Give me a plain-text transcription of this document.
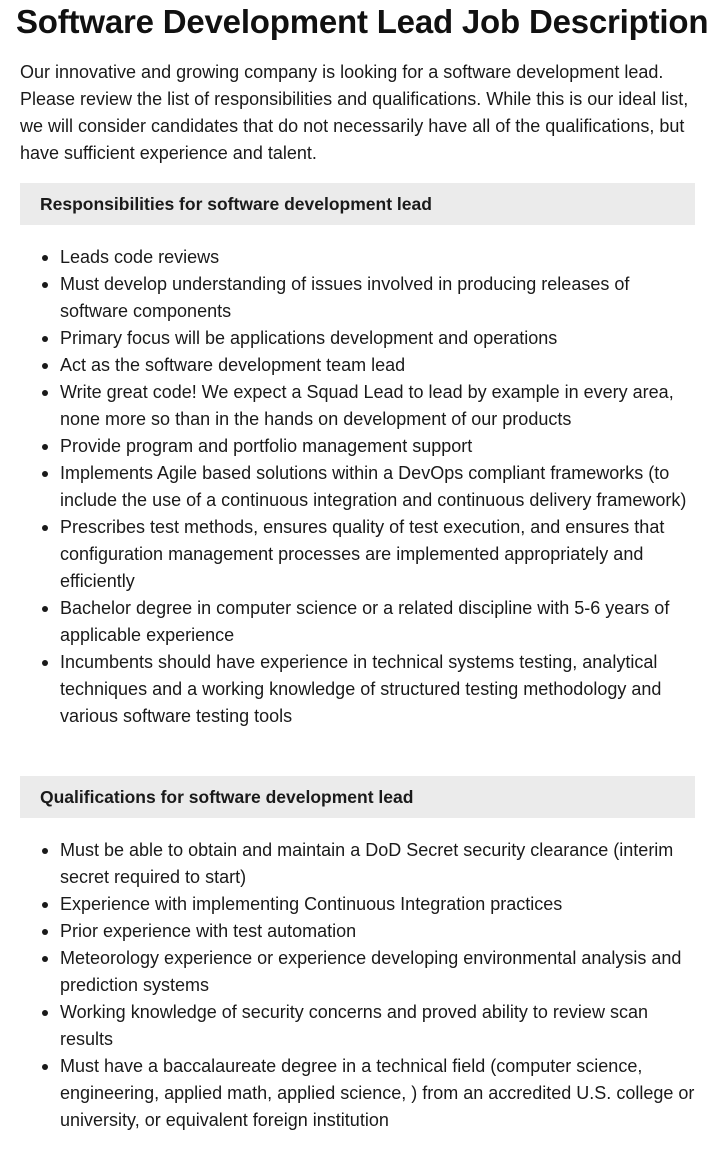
Software Development Lead Job Description

Our innovative and growing company is looking for a software development lead. Please review the list of responsibilities and qualifications. While this is our ideal list, we will consider candidates that do not necessarily have all of the qualifications, but have sufficient experience and talent.

Responsibilities for software development lead
Leads code reviews
Must develop understanding of issues involved in producing releases of software components
Primary focus will be applications development and operations
Act as the software development team lead
Write great code! We expect a Squad Lead to lead by example in every area, none more so than in the hands on development of our products
Provide program and portfolio management support
Implements Agile based solutions within a DevOps compliant frameworks (to include the use of a continuous integration and continuous delivery framework)
Prescribes test methods, ensures quality of test execution, and ensures that configuration management processes are implemented appropriately and efficiently
Bachelor degree in computer science or a related discipline with 5-6 years of applicable experience
Incumbents should have experience in technical systems testing, analytical techniques and a working knowledge of structured testing methodology and various software testing tools
Qualifications for software development lead
Must be able to obtain and maintain a DoD Secret security clearance (interim secret required to start)
Experience with implementing Continuous Integration practices
Prior experience with test automation
Meteorology experience or experience developing environmental analysis and prediction systems
Working knowledge of security concerns and proved ability to review scan results
Must have a baccalaureate degree in a technical field (computer science, engineering, applied math, applied science, ) from an accredited U.S. college or university, or equivalent foreign institution
